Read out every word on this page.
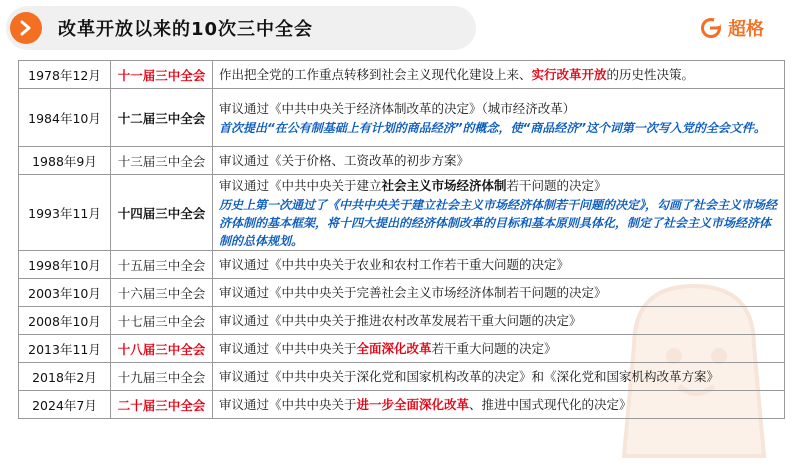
改革开放以来的10次三中全会	超格
1978年12月	十一届三中全会	作出把全党的工作重点转移到社会主义现代化建设上来、实行改革开放的历史性决策。

1984年10月	十二届三中全会	审议通过《中共中央关于经济体制改革的决定》（城市经济改革）
首次提出“在公有制基础上有计划的商品经济”的概念，使“商品经济”这个词第一次写入党的全会文件。

1988年9月	十三届三中全会	审议通过《关于价格、工资改革的初步方案》

1993年11月	十四届三中全会	审议通过《中共中央关于建立社会主义市场经济体制若干问题的决定》
历史上第一次通过了《中共中央关于建立社会主义市场经济体制若干问题的决定》，勾画了社会主义市场经济体制的基本框架，将十四大提出的经济体制改革的目标和基本原则具体化，制定了社会主义市场经济体制的总体规划。

1998年10月	十五届三中全会	审议通过《中共中央关于农业和农村工作若干重大问题的决定》

2003年10月	十六届三中全会	审议通过《中共中央关于完善社会主义市场经济体制若干问题的决定》

2008年10月	十七届三中全会	审议通过《中共中央关于推进农村改革发展若干重大问题的决定》

2013年11月	十八届三中全会	审议通过《中共中央关于全面深化改革若干重大问题的决定》

2018年2月	十九届三中全会	审议通过《中共中央关于深化党和国家机构改革的决定》和《深化党和国家机构改革方案》

2024年7月	二十届三中全会	审议通过《中共中央关于进一步全面深化改革、推进中国式现代化的决定》
